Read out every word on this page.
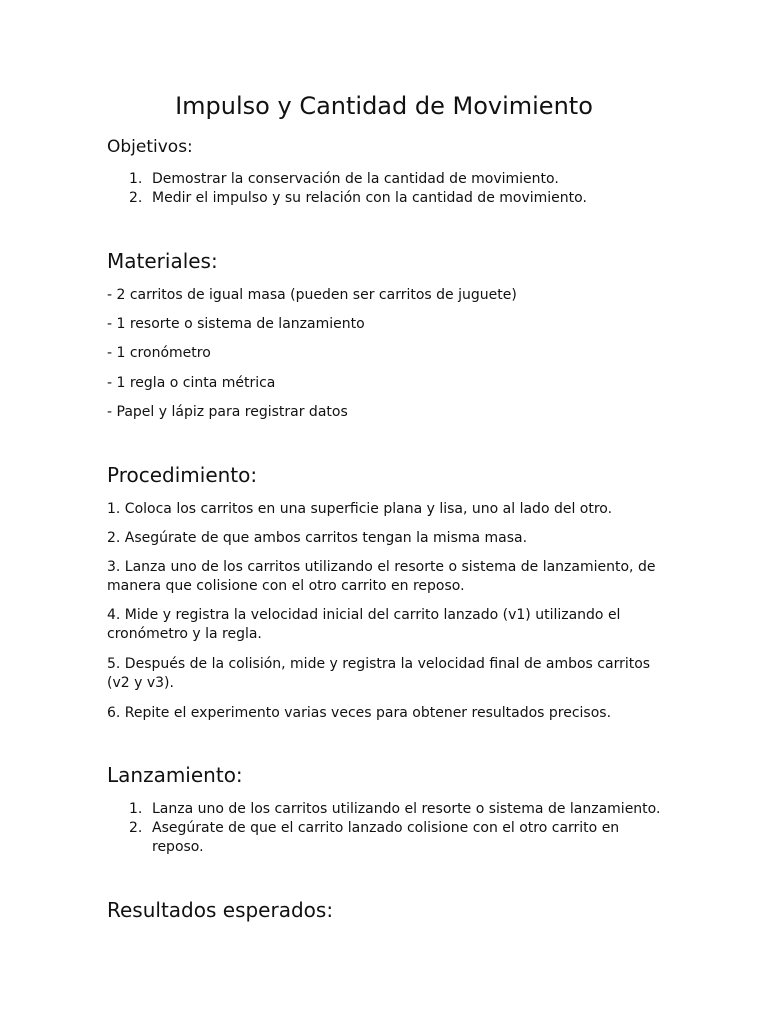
Impulso y Cantidad de Movimiento
Objetivos:
1. Demostrar la conservación de la cantidad de movimiento.
2. Medir el impulso y su relación con la cantidad de movimiento.
Materiales:

- 2 carritos de igual masa (pueden ser carritos de juguete)

- 1 resorte o sistema de lanzamiento

- 1 cronómetro

- 1 regla o cinta métrica

- Papel y lápiz para registrar datos

Procedimiento:

1. Coloca los carritos en una superficie plana y lisa, uno al lado del otro.

2. Asegúrate de que ambos carritos tengan la misma masa.

3. Lanza uno de los carritos utilizando el resorte o sistema de lanzamiento, de manera que colisione con el otro carrito en reposo.

4. Mide y registra la velocidad inicial del carrito lanzado (v1) utilizando el cronómetro y la regla.

5. Después de la colisión, mide y registra la velocidad final de ambos carritos (v2 y v3).

6. Repite el experimento varias veces para obtener resultados precisos.

Lanzamiento:
1. Lanza uno de los carritos utilizando el resorte o sistema de lanzamiento.
2. Asegúrate de que el carrito lanzado colisione con el otro carrito en reposo.
Resultados esperados:
